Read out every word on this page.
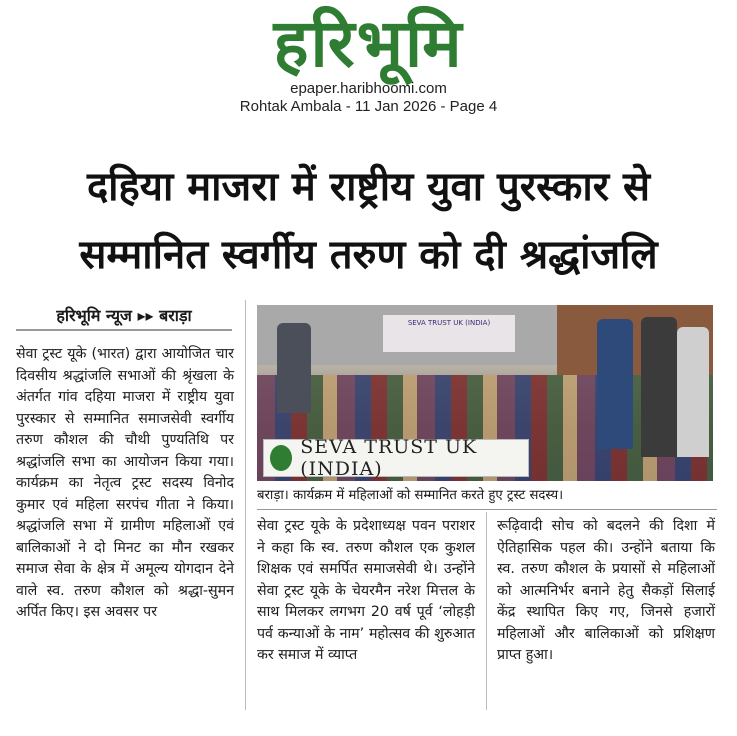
हरिभूमि
epaper.haribhoomi.com
Rohtak Ambala - 11 Jan 2026 - Page 4
दहिया माजरा में राष्ट्रीय युवा पुरस्कार से
सम्मानित स्वर्गीय तरुण को दी श्रद्धांजलि
हरिभूमि न्यूज ▸▸ बराड़ा
सेवा ट्रस्ट यूके (भारत) द्वारा आयोजित चार दिवसीय श्रद्धांजलि सभाओं की श्रृंखला के अंतर्गत गांव दहिया माजरा में राष्ट्रीय युवा पुरस्कार से सम्मानित समाजसेवी स्वर्गीय तरुण कौशल की चौथी पुण्यतिथि पर श्रद्धांजलि सभा का आयोजन किया गया। कार्यक्रम का नेतृत्व ट्रस्ट सदस्य विनोद कुमार एवं महिला सरपंच गीता ने किया। श्रद्धांजलि सभा में ग्रामीण महिलाओं एवं बालिकाओं ने दो मिनट का मौन रखकर समाज सेवा के क्षेत्र में अमूल्य योगदान देने वाले स्व. तरुण कौशल को श्रद्धा-सुमन अर्पित किए। इस अवसर पर
SEVA TRUST UK (INDIA)
SEVA TRUST UK (INDIA)
बराड़ा। कार्यक्रम में महिलाओं को सम्मानित करते हुए ट्रस्ट सदस्य।
सेवा ट्रस्ट यूके के प्रदेशाध्यक्ष पवन पराशर ने कहा कि स्व. तरुण कौशल एक कुशल शिक्षक एवं समर्पित समाजसेवी थे। उन्होंने सेवा ट्रस्ट यूके के चेयरमैन नरेश मित्तल के साथ मिलकर लगभग 20 वर्ष पूर्व ‘लोहड़ी पर्व कन्याओं के नाम’ महोत्सव की शुरुआत कर समाज में व्याप्त
रूढ़िवादी सोच को बदलने की दिशा में ऐतिहासिक पहल की। उन्होंने बताया कि स्व. तरुण कौशल के प्रयासों से महिलाओं को आत्मनिर्भर बनाने हेतु सैकड़ों सिलाई केंद्र स्थापित किए गए, जिनसे हजारों महिलाओं और बालिकाओं को प्रशिक्षण प्राप्त हुआ।
